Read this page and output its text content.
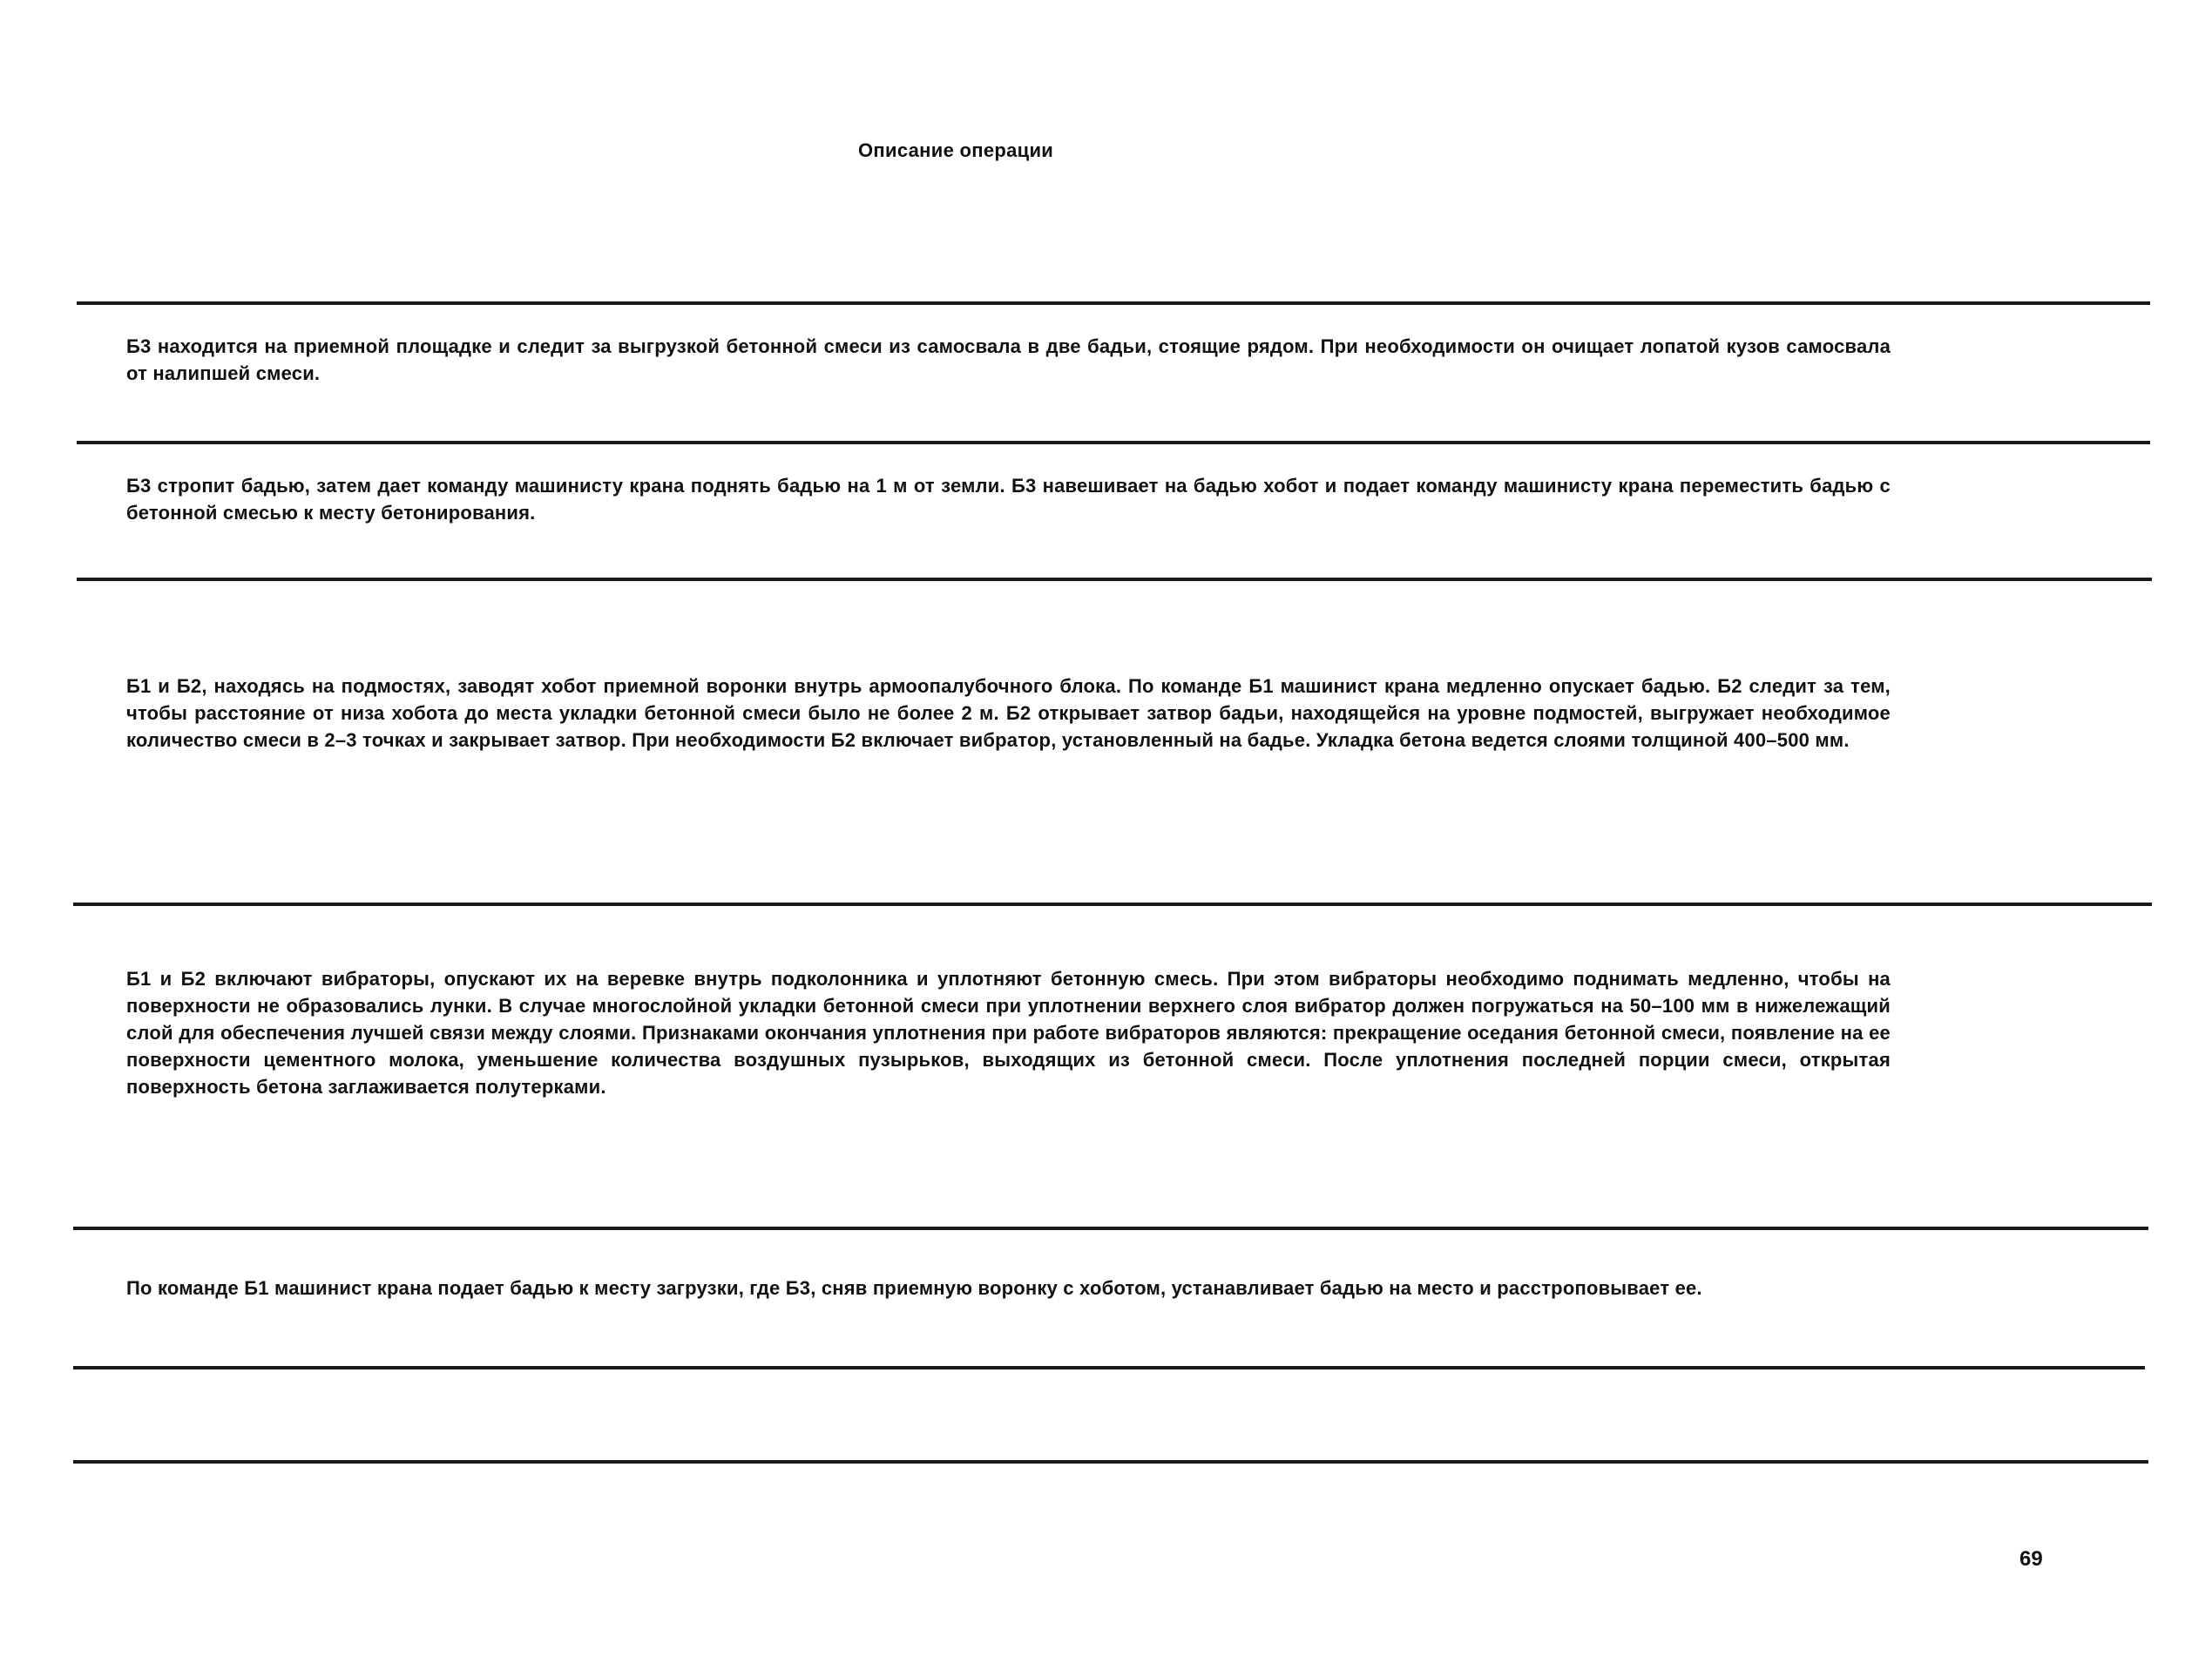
Описание операции
Б3 находится на приемной площадке и следит за выгрузкой бетонной смеси из самосвала в две бадьи, стоящие рядом. При необходимости он очищает лопатой кузов самосвала от налипшей смеси.
Б3 стропит бадью, затем дает команду машинисту крана поднять бадью на 1 м от земли. Б3 навешивает на бадью хобот и подает команду машинисту крана переместить бадью с бетонной смесью к месту бетонирования.
Б1 и Б2, находясь на подмостях, заводят хобот приемной воронки внутрь армоопалубочного блока. По команде Б1 машинист крана медленно опускает бадью. Б2 следит за тем, чтобы расстояние от низа хобота до места укладки бетонной смеси было не более 2 м. Б2 открывает затвор бадьи, находящейся на уровне подмостей, выгружает необходимое количество смеси в 2–3 точках и закрывает затвор. При необходимости Б2 включает вибратор, установленный на бадье. Укладка бетона ведется слоями толщиной 400–500 мм.
Б1 и Б2 включают вибраторы, опускают их на веревке внутрь подколонника и уплотняют бетонную смесь. При этом вибраторы необходимо поднимать медленно, чтобы на поверхности не образовались лунки. В случае многослойной укладки бетонной смеси при уплотнении верхнего слоя вибратор должен погружаться на 50–100 мм в нижележащий слой для обеспечения лучшей связи между слоями. Признаками окончания уплотнения при работе вибраторов являются: прекращение оседания бетонной смеси, появление на ее поверхности цементного молока, уменьшение количества воздушных пузырьков, выходящих из бетонной смеси. После уплотнения последней порции смеси, открытая поверхность бетона заглаживается полутерками.
По команде Б1 машинист крана подает бадью к месту загрузки, где Б3, сняв приемную воронку с хоботом, устанавливает бадью на место и расстроповывает ее.
69
